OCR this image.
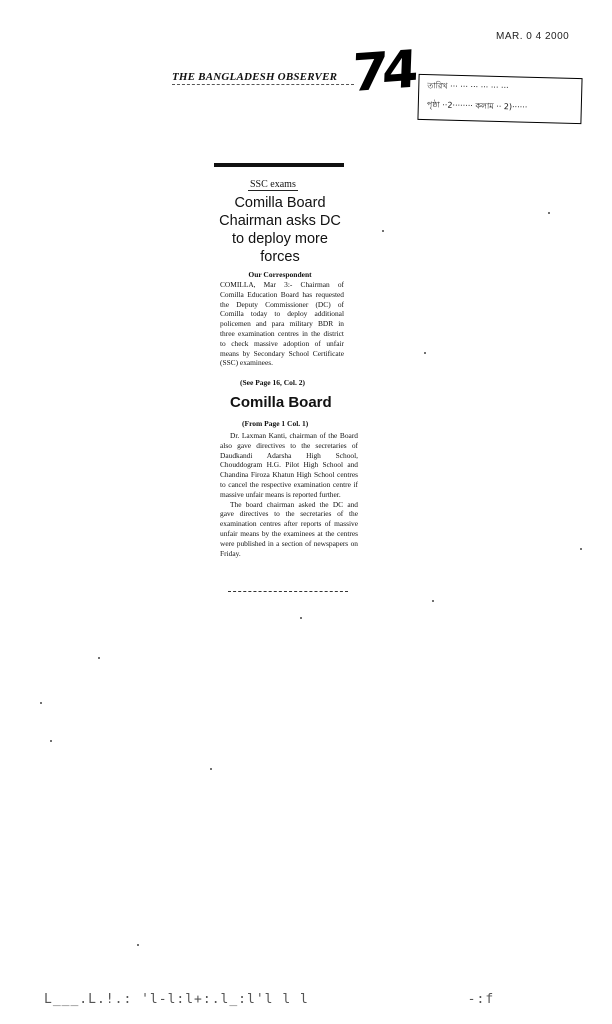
MAR. 0 4 2000
THE BANGLADESH OBSERVER 74 তারিখ ··· ··· ··· ··· ··· ···
পৃষ্ঠা ··2········ কলাম ·· 2)······
SSC exams
Comilla Board Chairman asks DC to deploy more forces
Our Correspondent
COMILLA, Mar 3:- Chairman of Comilla Education Board has requested the Deputy Commissioner (DC) of Comilla today to deploy additional policemen and para military BDR in three examination centres in the district to check massive adoption of unfair means by Secondary School Certificate (SSC) examinees.
(See Page 16, Col. 2)
Comilla Board
(From Page 1 Col. 1)

Dr. Laxman Kanti, chairman of the Board also gave directives to the secretaries of Daudkandi Adarsha High School, Chouddogram H.G. Pilot High School and Chandina Firoza Khatun High School centres to cancel the respective examination centre if massive unfair means is reported further.

The board chairman asked the DC and gave directives to the secretaries of the examination centres after reports of massive unfair means by the examinees at the centres were published in a section of newspapers on Friday.

L___.L.!.: 'l-l:l+:.l_:l'l l l                  -:f
